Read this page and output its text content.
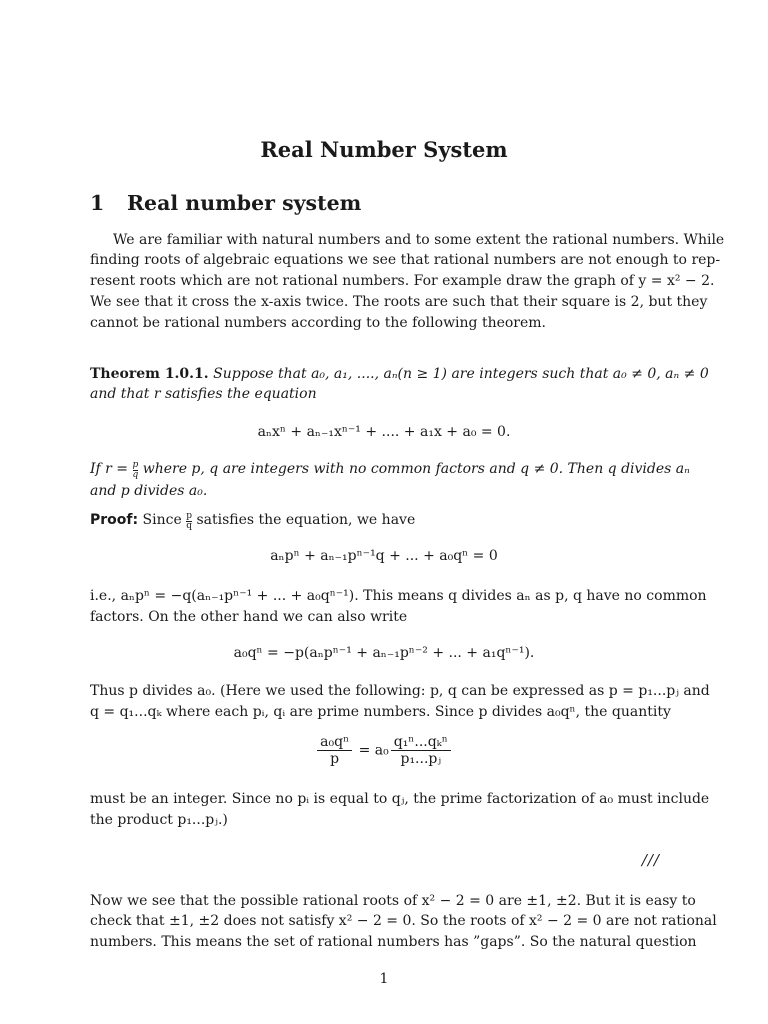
Real Number System
1 Real number system
We are familiar with natural numbers and to some extent the rational numbers. While
finding roots of algebraic equations we see that rational numbers are not enough to rep-
resent roots which are not rational numbers. For example draw the graph of y = x² − 2.
We see that it cross the x-axis twice. The roots are such that their square is 2, but they
cannot be rational numbers according to the following theorem.
Theorem 1.0.1. Suppose that a₀, a₁, ...., aₙ(n ≥ 1) are integers such that a₀ ≠ 0, aₙ ≠ 0
and that r satisfies the equation
aₙxⁿ + aₙ₋₁xⁿ⁻¹ + .... + a₁x + a₀ = 0.
If $r = \frac{p}{q}$ where p, q are integers with no common factors and q ≠ 0. Then q divides aₙ
and p divides a₀.
Proof: Since $\frac{p}{q}$ satisfies the equation, we have
aₙpⁿ + aₙ₋₁pⁿ⁻¹q + ... + a₀qⁿ = 0
i.e., aₙpⁿ = −q(aₙ₋₁pⁿ⁻¹ + ... + a₀qⁿ⁻¹). This means q divides aₙ as p, q have no common
factors. On the other hand we can also write
a₀qⁿ = −p(aₙpⁿ⁻¹ + aₙ₋₁pⁿ⁻² + ... + a₁qⁿ⁻¹).
Thus p divides a₀. (Here we used the following: p, q can be expressed as p = p₁...pⱼ and
q = q₁...qₖ where each pᵢ, qᵢ are prime numbers. Since p divides a₀qⁿ, the quantity
$\frac{\text{a₀qⁿ}}{p} = a_0 \frac{\text{q₁ⁿ...qₖⁿ}}{\text{p₁...pⱼ}}$
must be an integer. Since no pᵢ is equal to qⱼ, the prime factorization of a₀ must include
the product p₁...pⱼ.)
///
Now we see that the possible rational roots of x² − 2 = 0 are ±1, ±2. But it is easy to
check that ±1, ±2 does not satisfy x² − 2 = 0. So the roots of x² − 2 = 0 are not rational
numbers. This means the set of rational numbers has ”gaps”. So the natural question
1
